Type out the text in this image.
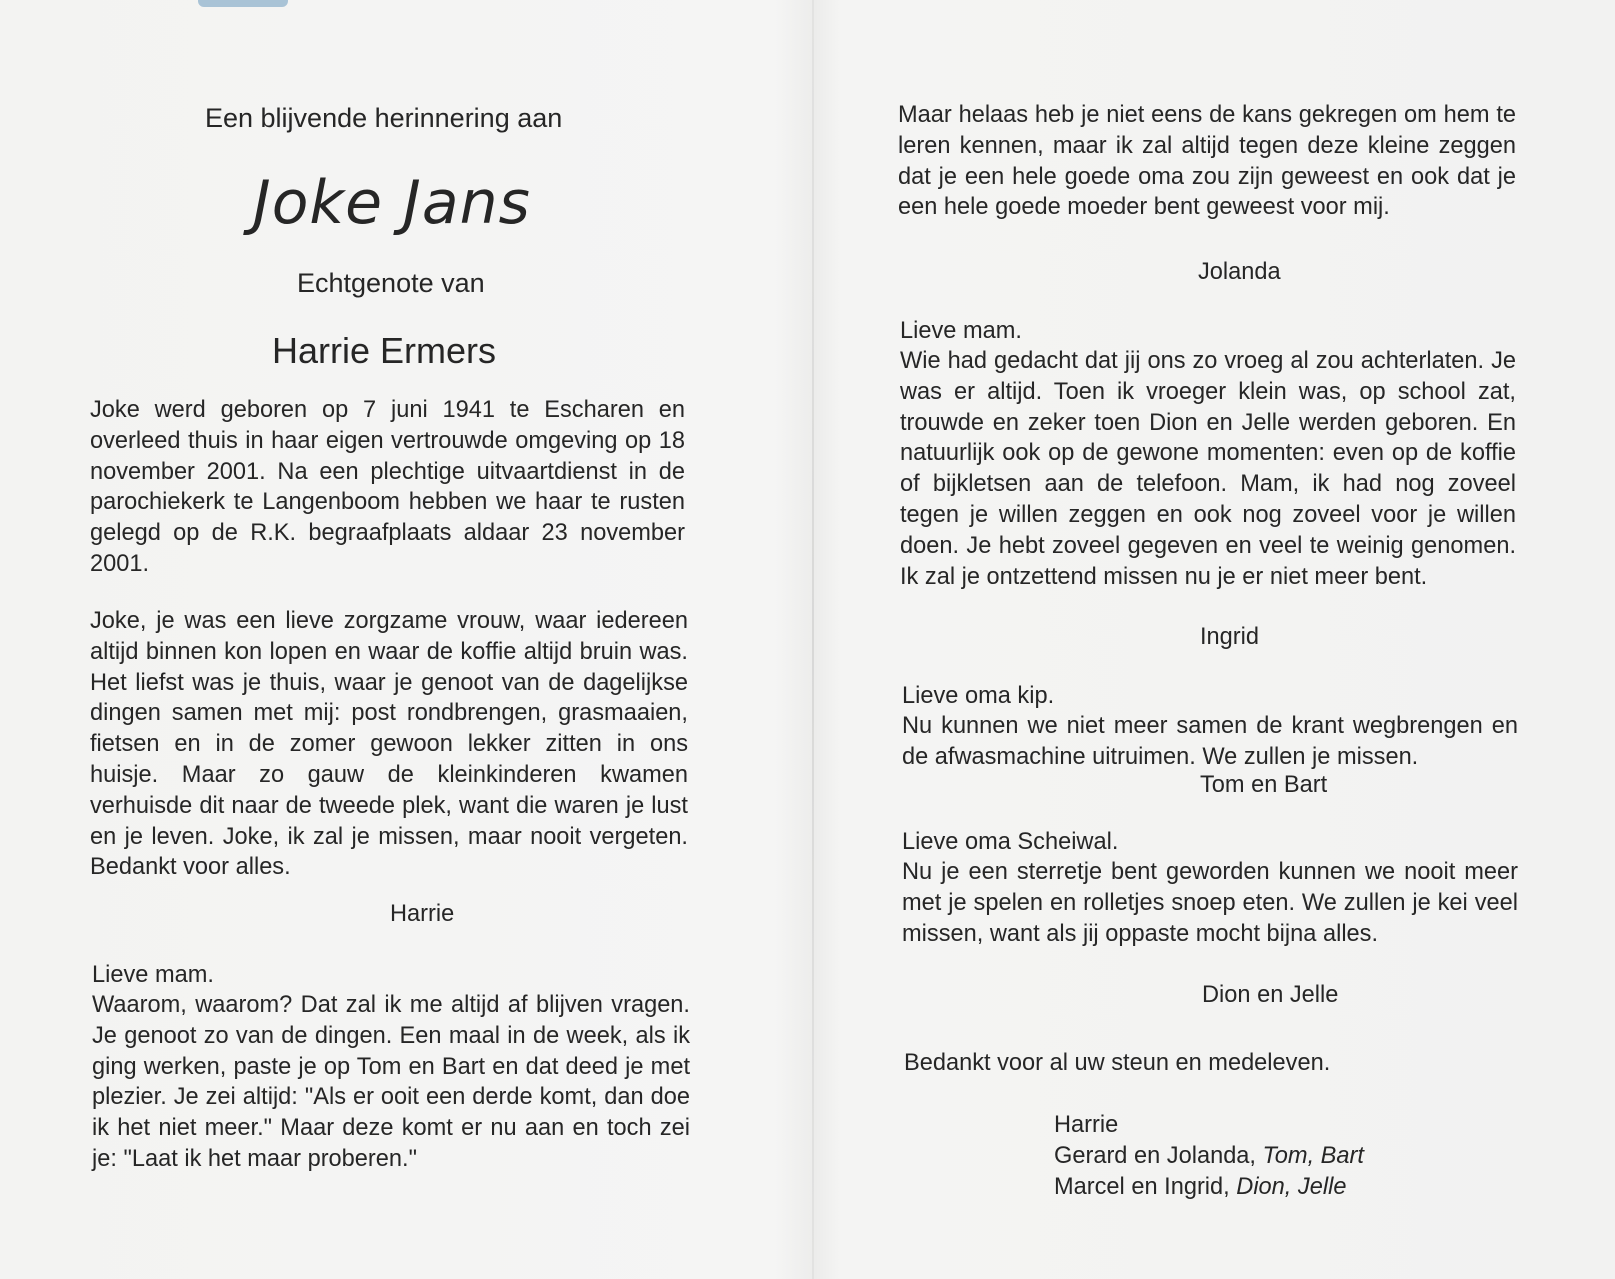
Een blijvende herinnering aan
Joke Jans
Echtgenote van
Harrie Ermers

Joke werd geboren op 7 juni 1941 te Escharen en overleed thuis in haar eigen vertrouwde omgeving op 18 november 2001. Na een plechtige uitvaartdienst in de parochiekerk te Langenboom hebben we haar te rusten gelegd op de R.K. begraafplaats aldaar 23 november 2001.

Joke, je was een lieve zorgzame vrouw, waar iedereen altijd binnen kon lopen en waar de koffie altijd bruin was. Het liefst was je thuis, waar je genoot van de dagelijkse dingen samen met mij: post rondbrengen, grasmaaien, fietsen en in de zomer gewoon lekker zitten in ons huisje. Maar zo gauw de kleinkinderen kwamen verhuisde dit naar de tweede plek, want die waren je lust en je leven. Joke, ik zal je missen, maar nooit vergeten. Bedankt voor alles.

Harrie
Lieve mam.

Waarom, waarom? Dat zal ik me altijd af blijven vragen. Je genoot zo van de dingen. Een maal in de week, als ik ging werken, paste je op Tom en Bart en dat deed je met plezier. Je zei altijd: "Als er ooit een derde komt, dan doe ik het niet meer." Maar deze komt er nu aan en toch zei je: "Laat ik het maar proberen."

Maar helaas heb je niet eens de kans gekregen om hem te leren kennen, maar ik zal altijd tegen deze kleine zeggen dat je een hele goede oma zou zijn geweest en ook dat je een hele goede moeder bent geweest voor mij.

Jolanda
Lieve mam.

Wie had gedacht dat jij ons zo vroeg al zou achterlaten. Je was er altijd. Toen ik vroeger klein was, op school zat, trouwde en zeker toen Dion en Jelle werden geboren. En natuurlijk ook op de gewone momenten: even op de koffie of bijkletsen aan de telefoon. Mam, ik had nog zoveel tegen je willen zeggen en ook nog zoveel voor je willen doen. Je hebt zoveel gegeven en veel te weinig genomen. Ik zal je ontzettend missen nu je er niet meer bent.

Ingrid
Lieve oma kip.

Nu kunnen we niet meer samen de krant wegbrengen en de afwasmachine uitruimen. We zullen je missen.

Tom en Bart
Lieve oma Scheiwal.

Nu je een sterretje bent geworden kunnen we nooit meer met je spelen en rolletjes snoep eten. We zullen je kei veel missen, want als jij oppaste mocht bijna alles.

Dion en Jelle
Bedankt voor al uw steun en medeleven.
Harrie
Gerard en Jolanda, Tom, Bart
Marcel en Ingrid, Dion, Jelle
